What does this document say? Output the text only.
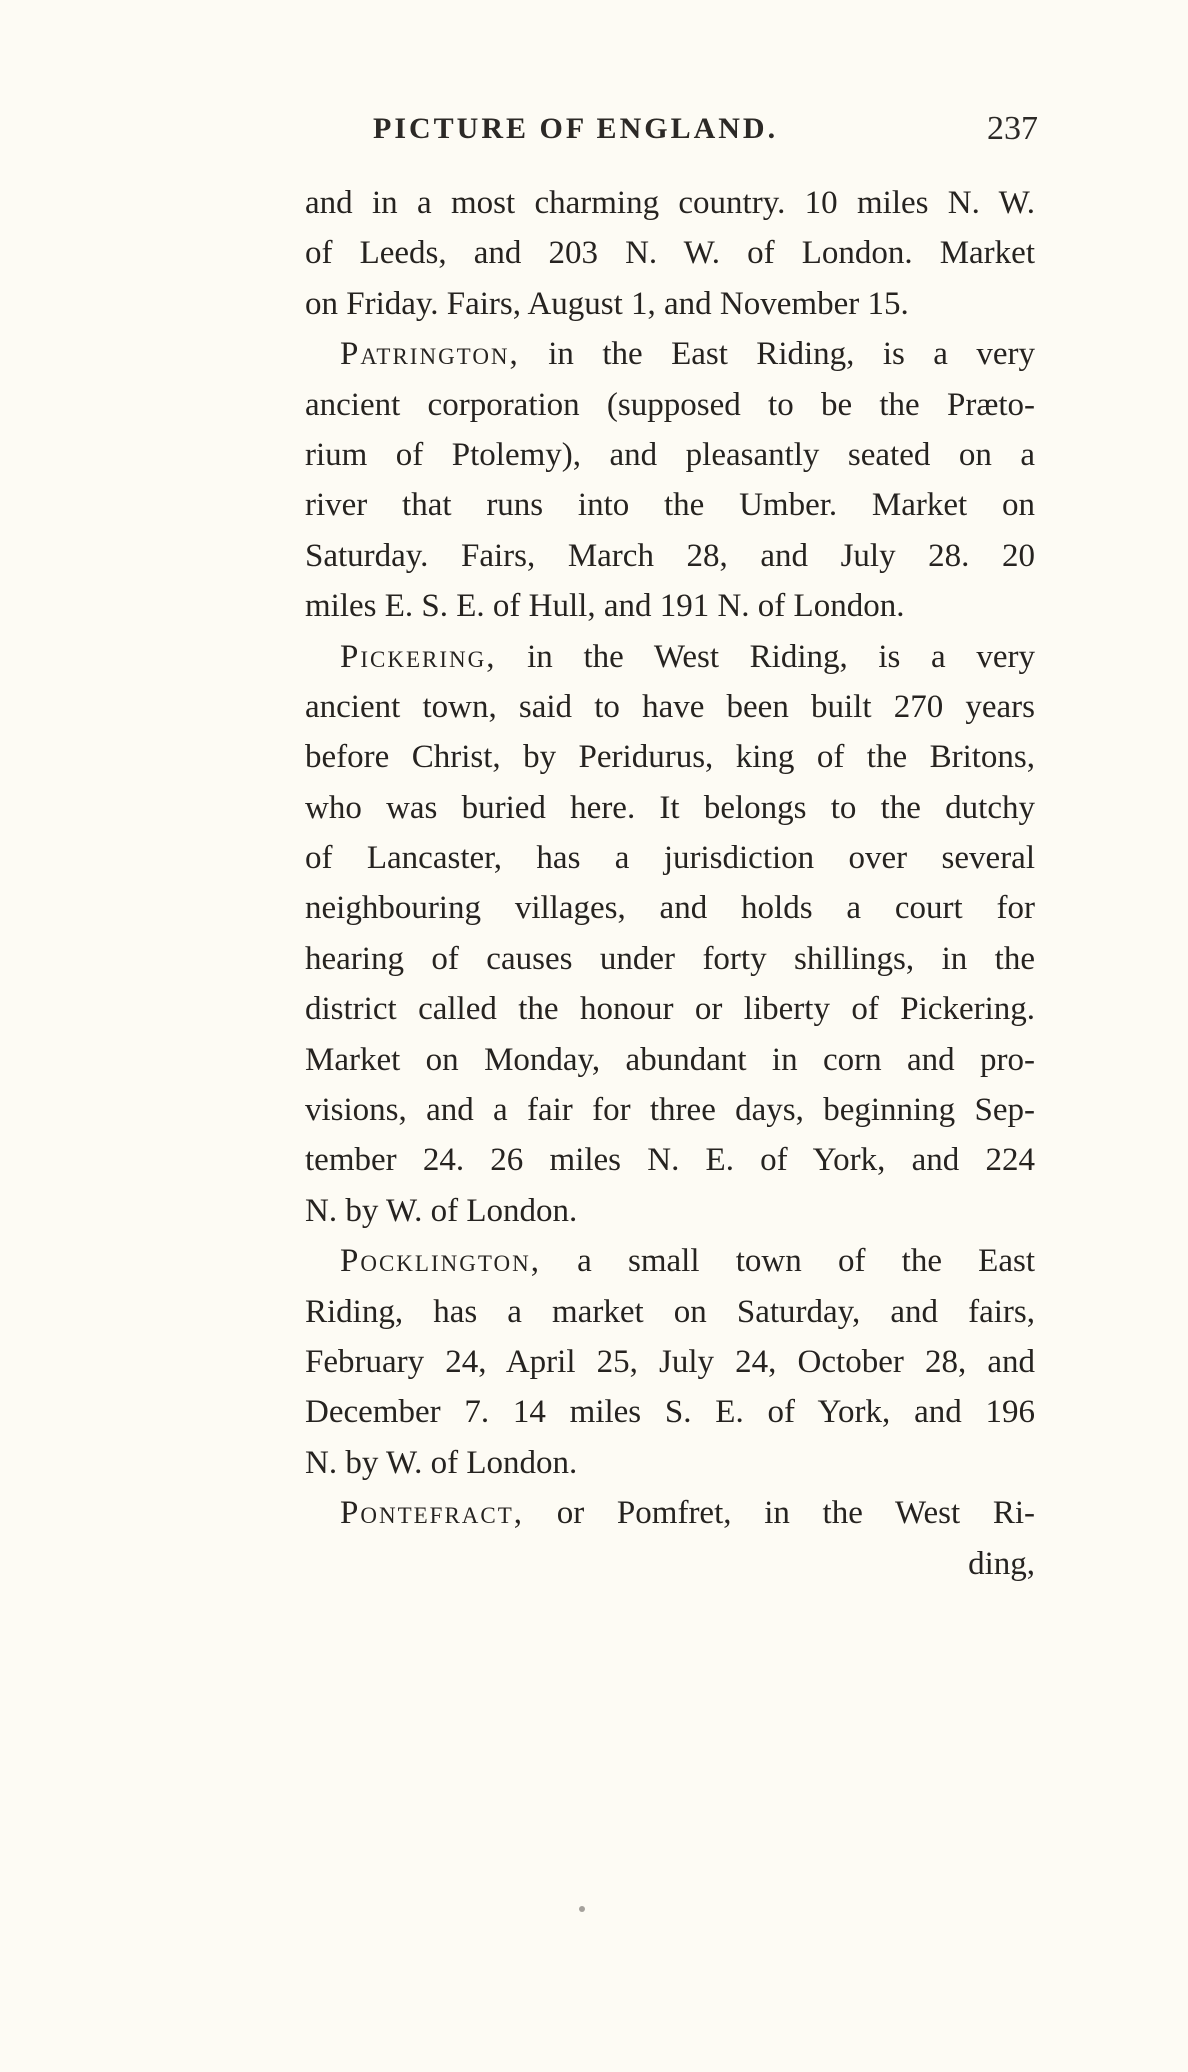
PICTURE OF ENGLAND.	237
and in a most charming country. 10 miles N. W.
of Leeds, and 203 N. W. of London. Market
on Friday. Fairs, August 1, and November 15.
Patrington, in the East Riding, is a very
ancient corporation (supposed to be the Præto-
rium of Ptolemy), and pleasantly seated on a
river that runs into the Umber. Market on
Saturday. Fairs, March 28, and July 28. 20
miles E. S. E. of Hull, and 191 N. of London.
Pickering, in the West Riding, is a very
ancient town, said to have been built 270 years
before Christ, by Peridurus, king of the Britons,
who was buried here. It belongs to the dutchy
of Lancaster, has a jurisdiction over several
neighbouring villages, and holds a court for
hearing of causes under forty shillings, in the
district called the honour or liberty of Pickering.
Market on Monday, abundant in corn and pro-
visions, and a fair for three days, beginning Sep-
tember 24. 26 miles N. E. of York, and 224
N. by W. of London.
Pocklington, a small town of the East
Riding, has a market on Saturday, and fairs,
February 24, April 25, July 24, October 28, and
December 7. 14 miles S. E. of York, and 196
N. by W. of London.
Pontefract, or Pomfret, in the West Ri-
ding,
